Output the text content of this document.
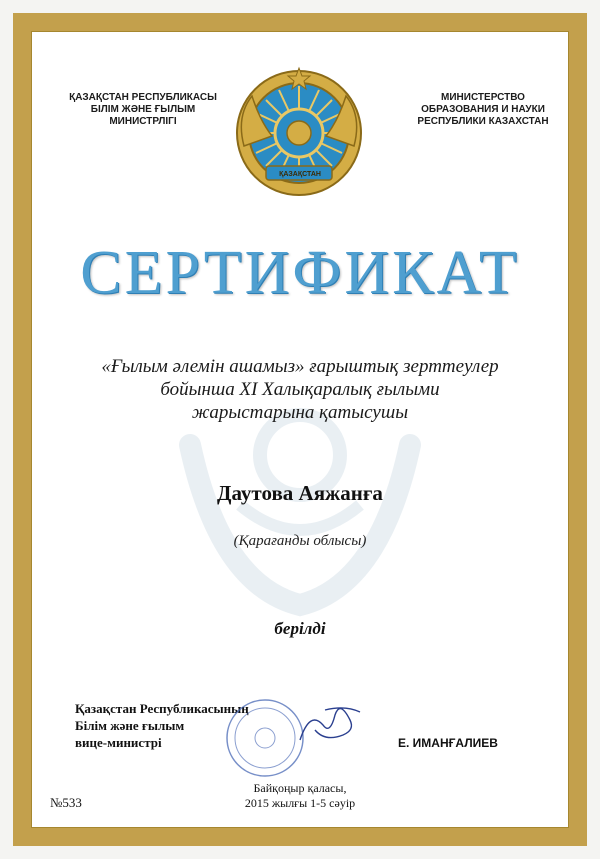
ҚАЗАҚСТАН РЕСПУБЛИКАСЫ
БІЛІМ ЖӘНЕ ҒЫЛЫМ
МИНИСТРЛІГІ
МИНИСТЕРСТВО
ОБРАЗОВАНИЯ И НАУКИ
РЕСПУБЛИКИ КАЗАХСТАН
ҚАЗАҚСТАН
СЕРТИФИКАТ
«Ғылым әлемін ашамыз» ғарыштық зерттеулер
бойынша XI Халықаралық ғылыми
жарыстарына қатысушы
Даутова Аяжанға
(Қарағанды облысы)
берілді
Қазақстан Республикасының
Білім және ғылым
вице-министрі	Е. ИМАНҒАЛИЕВ
№533
Байқоңыр қаласы,
2015 жылғы 1-5 сәуір
